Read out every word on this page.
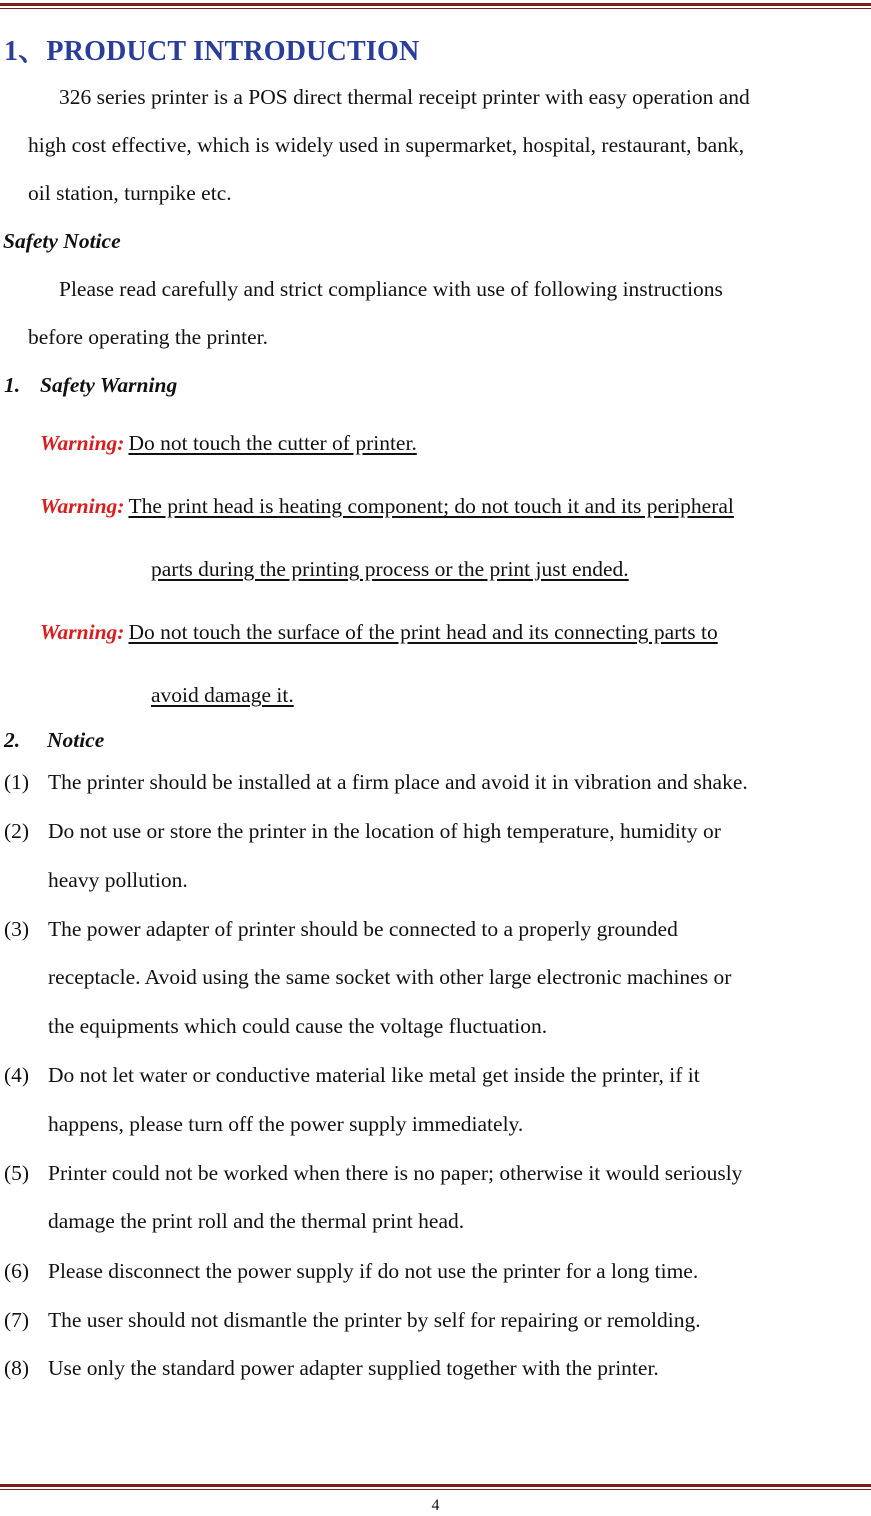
1、PRODUCT INTRODUCTION
326 series printer is a POS direct thermal receipt printer with easy operation and
high cost effective, which is widely used in supermarket, hospital, restaurant, bank,
oil station, turnpike etc.
Safety Notice
Please read carefully and strict compliance with use of following instructions
before operating the printer.
1. Safety Warning
Warning: Do not touch the cutter of printer.
Warning: The print head is heating component; do not touch it and its peripheral
parts during the printing process or the print just ended.
Warning: Do not touch the surface of the print head and its connecting parts to
avoid damage it.
2. Notice
(1) The printer should be installed at a firm place and avoid it in vibration and shake.
(2) Do not use or store the printer in the location of high temperature, humidity or
heavy pollution.
(3) The power adapter of printer should be connected to a properly grounded
receptacle. Avoid using the same socket with other large electronic machines or
the equipments which could cause the voltage fluctuation.
(4) Do not let water or conductive material like metal get inside the printer, if it
happens, please turn off the power supply immediately.
(5) Printer could not be worked when there is no paper; otherwise it would seriously
damage the print roll and the thermal print head.
(6) Please disconnect the power supply if do not use the printer for a long time.
(7) The user should not dismantle the printer by self for repairing or remolding.
(8) Use only the standard power adapter supplied together with the printer.
4
